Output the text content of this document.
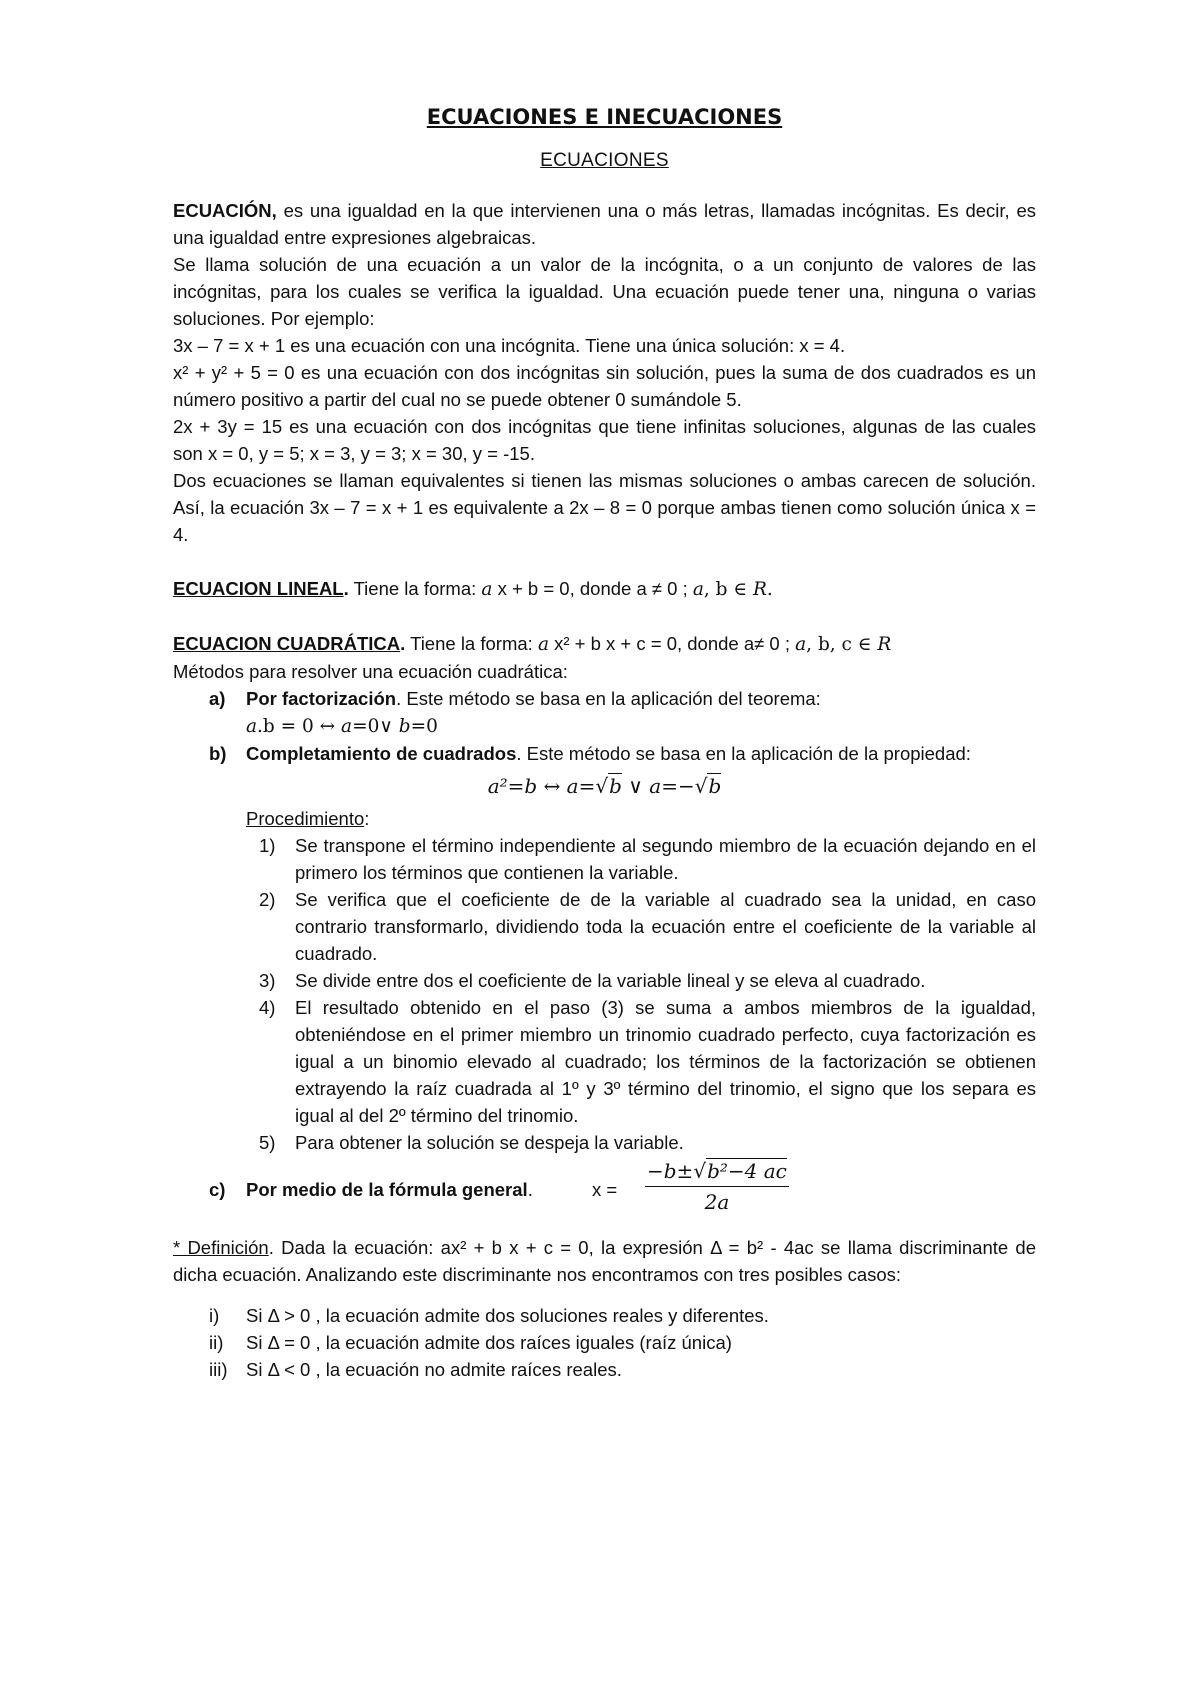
ECUACIONES E INECUACIONES
ECUACIONES

ECUACIÓN, es una igualdad en la que intervienen una o más letras, llamadas incógnitas. Es decir, es una igualdad entre expresiones algebraicas.

Se llama solución de una ecuación a un valor de la incógnita, o a un conjunto de valores de las incógnitas, para los cuales se verifica la igualdad. Una ecuación puede tener una, ninguna o varias soluciones. Por ejemplo:

3x – 7 = x + 1 es una ecuación con una incógnita. Tiene una única solución: x = 4.

x² + y² + 5 = 0 es una ecuación con dos incógnitas sin solución, pues la suma de dos cuadrados es un número positivo a partir del cual no se puede obtener 0 sumándole 5.

2x + 3y = 15 es una ecuación con dos incógnitas que tiene infinitas soluciones, algunas de las cuales son x = 0, y = 5; x = 3, y = 3; x = 30, y = -15.

Dos ecuaciones se llaman equivalentes si tienen las mismas soluciones o ambas carecen de solución. Así, la ecuación 3x – 7 = x + 1 es equivalente a 2x – 8 = 0 porque ambas tienen como solución única x = 4.

ECUACION LINEAL. Tiene la forma: a x + b = 0, donde a ≠ 0 ; 𝑎, b ∈ 𝑅.

ECUACION CUADRÁTICA. Tiene la forma: a x² + b x + c = 0, donde a≠ 0 ; 𝑎, b, c ∈ 𝑅

Métodos para resolver una ecuación cuadrática:

a) Por factorización. Este método se basa en la aplicación del teorema:
𝑎.b = 0 ↔ 𝑎=0∨ 𝑏=0
b) Completamiento de cuadrados. Este método se basa en la aplicación de la propiedad:
a²=b ↔ a=√b ∨ a=−√b
Procedimiento:
1) Se transpone el término independiente al segundo miembro de la ecuación dejando en el primero los términos que contienen la variable.
2) Se verifica que el coeficiente de de la variable al cuadrado sea la unidad, en caso contrario transformarlo, dividiendo toda la ecuación entre el coeficiente de la variable al cuadrado.
3) Se divide entre dos el coeficiente de la variable lineal y se eleva al cuadrado.
4) El resultado obtenido en el paso (3) se suma a ambos miembros de la igualdad, obteniéndose en el primer miembro un trinomio cuadrado perfecto, cuya factorización es igual a un binomio elevado al cuadrado; los términos de la factorización se obtienen extrayendo la raíz cuadrada al 1º y 3º término del trinomio, el signo que los separa es igual al del 2º término del trinomio.
5) Para obtener la solución se despeja la variable.
c) Por medio de la fórmula general.	$x = \frac{\text{−b±√b²−4 ac}}{2a}$

* Definición. Dada la ecuación: ax² + b x + c = 0, la expresión Δ = b² - 4ac se llama discriminante de dicha ecuación. Analizando este discriminante nos encontramos con tres posibles casos:

i) Si Δ > 0 , la ecuación admite dos soluciones reales y diferentes.
ii) Si Δ = 0 , la ecuación admite dos raíces iguales (raíz única)
iii) Si Δ < 0 , la ecuación no admite raíces reales.
